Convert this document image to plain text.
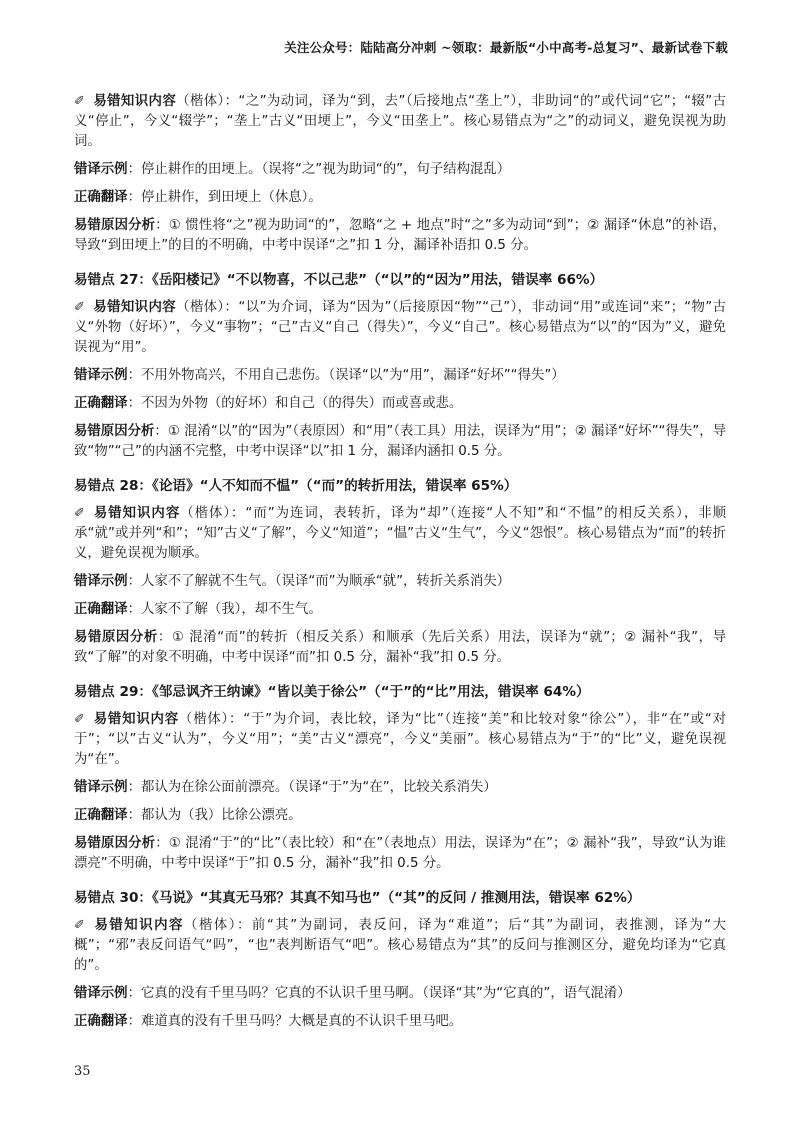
关注公众号：陆陆高分冲刺 ~领取：最新版“小中高考-总复习”、最新试卷下载

✐ 易错知识内容（楷体）：“之”为动词，译为“到，去”（后接地点“垄上”），非助词“的”或代词“它”；“辍”古义“停止”，今义“辍学”；“垄上”古义“田埂上”，今义“田垄上”。核心易错点为“之”的动词义，避免误视为助词。

错译示例：停止耕作的田埂上。（误将“之”视为助词“的”，句子结构混乱）

正确翻译：停止耕作，到田埂上（休息）。

易错原因分析：① 惯性将“之”视为助词“的”，忽略“之 + 地点”时“之”多为动词“到”；② 漏译“休息”的补语，导致“到田埂上”的目的不明确，中考中误译“之”扣 1 分，漏译补语扣 0.5 分。

易错点 27：《岳阳楼记》“不以物喜，不以己悲”（“以”的“因为”用法，错误率 66%）

✐ 易错知识内容（楷体）：“以”为介词，译为“因为”（后接原因“物”“己”），非动词“用”或连词“来”；“物”古义“外物（好坏）”，今义“事物”；“己”古义“自己（得失）”，今义“自己”。核心易错点为“以”的“因为”义，避免误视为“用”。

错译示例：不用外物高兴，不用自己悲伤。（误译“以”为“用”，漏译“好坏”“得失”）

正确翻译：不因为外物（的好坏）和自己（的得失）而或喜或悲。

易错原因分析：① 混淆“以”的“因为”（表原因）和“用”（表工具）用法，误译为“用”；② 漏译“好坏”“得失”，导致“物”“己”的内涵不完整，中考中误译“以”扣 1 分，漏译内涵扣 0.5 分。

易错点 28：《论语》“人不知而不愠”（“而”的转折用法，错误率 65%）

✐ 易错知识内容（楷体）：“而”为连词，表转折，译为“却”（连接“人不知”和“不愠”的相反关系），非顺承“就”或并列“和”；“知”古义“了解”，今义“知道”；“愠”古义“生气”，今义“怨恨”。核心易错点为“而”的转折义，避免误视为顺承。

错译示例：人家不了解就不生气。（误译“而”为顺承“就”，转折关系消失）

正确翻译：人家不了解（我），却不生气。

易错原因分析：① 混淆“而”的转折（相反关系）和顺承（先后关系）用法，误译为“就”；② 漏补“我”，导致“了解”的对象不明确，中考中误译“而”扣 0.5 分，漏补“我”扣 0.5 分。

易错点 29：《邹忌讽齐王纳谏》“皆以美于徐公”（“于”的“比”用法，错误率 64%）

✐ 易错知识内容（楷体）：“于”为介词，表比较，译为“比”（连接“美”和比较对象“徐公”），非“在”或“对于”；“以”古义“认为”，今义“用”；“美”古义“漂亮”，今义“美丽”。核心易错点为“于”的“比”义，避免误视为“在”。

错译示例：都认为在徐公面前漂亮。（误译“于”为“在”，比较关系消失）

正确翻译：都认为（我）比徐公漂亮。

易错原因分析：① 混淆“于”的“比”（表比较）和“在”（表地点）用法，误译为“在”；② 漏补“我”，导致“认为谁漂亮”不明确，中考中误译“于”扣 0.5 分，漏补“我”扣 0.5 分。

易错点 30：《马说》“其真无马邪？其真不知马也”（“其”的反问 / 推测用法，错误率 62%）

✐ 易错知识内容（楷体）：前“其”为副词，表反问，译为“难道”；后“其”为副词，表推测，译为“大概”；“邪”表反问语气“吗”，“也”表判断语气“吧”。核心易错点为“其”的反问与推测区分，避免均译为“它真的”。

错译示例：它真的没有千里马吗？它真的不认识千里马啊。（误译“其”为“它真的”，语气混淆）

正确翻译：难道真的没有千里马吗？大概是真的不认识千里马吧。

35
